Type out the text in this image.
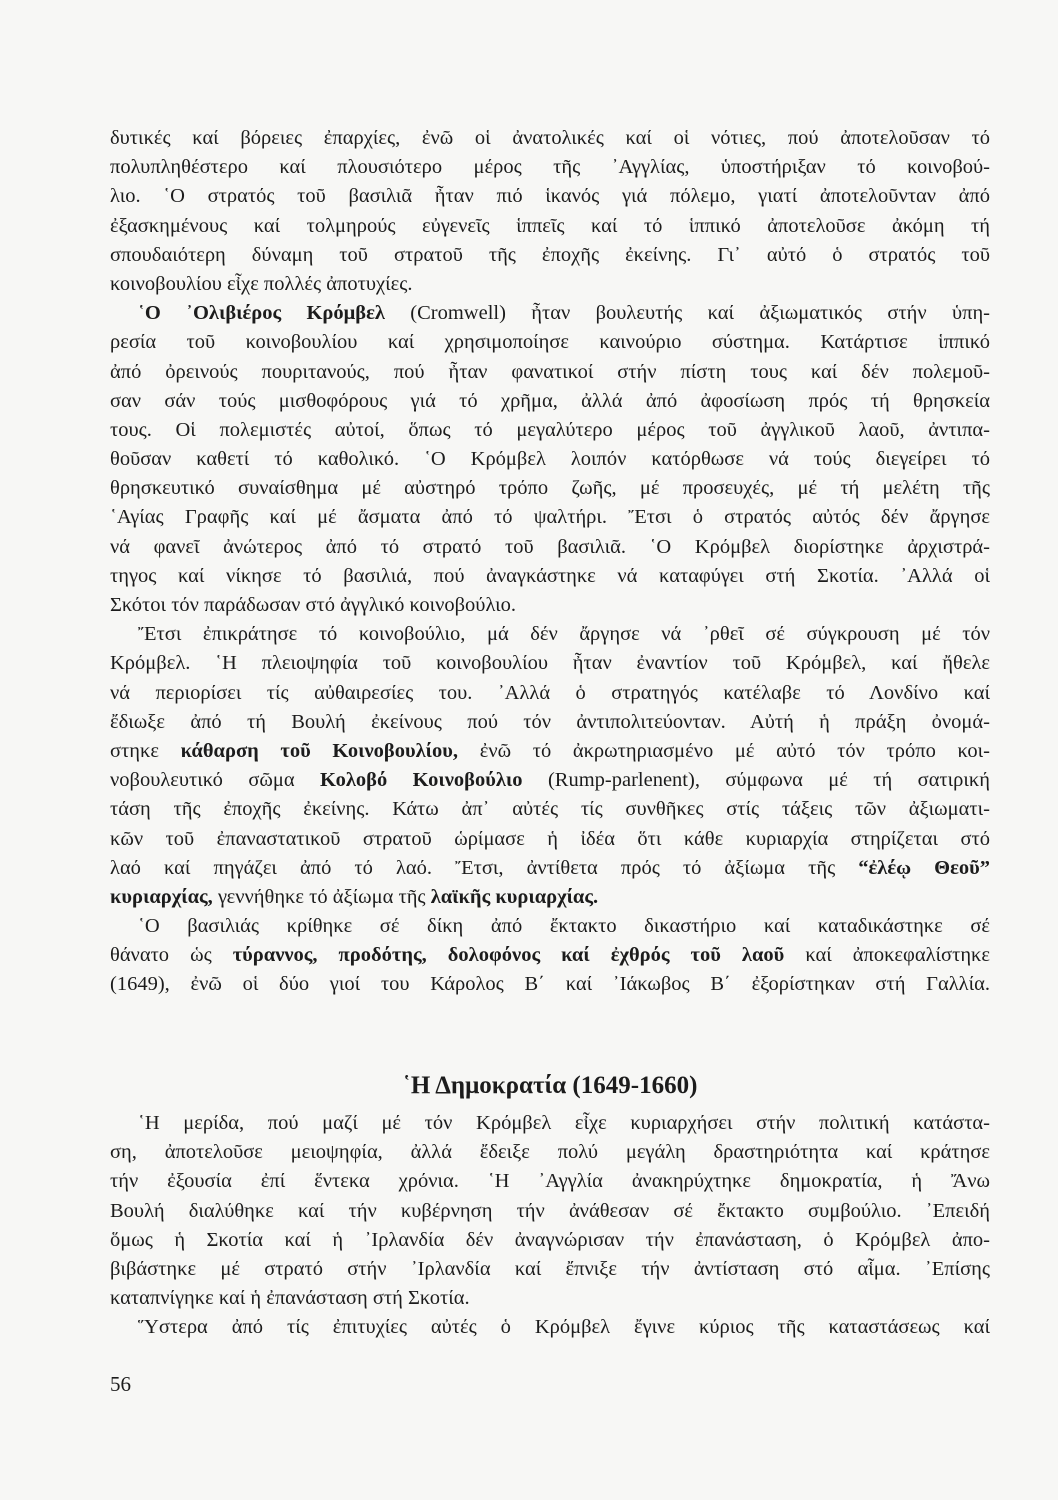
δυτικές καί βόρειες ἐπαρχίες, ἐνῶ οἱ ἀνατολικές καί οἱ νότιες, πού ἀποτελοῦσαν τό
πολυπληθέστερο καί πλουσιότερο μέρος τῆς ᾿Αγγλίας, ὑποστήριξαν τό κοινοβού-
λιο. ῾Ο στρατός τοῦ βασιλιᾶ ἦταν πιό ἱκανός γιά πόλεμο, γιατί ἀποτελοῦνταν ἀπό
ἐξασκημένους καί τολμηρούς εὐγενεῖς ἱππεῖς καί τό ἱππικό ἀποτελοῦσε ἀκόμη τή
σπουδαιότερη δύναμη τοῦ στρατοῦ τῆς ἐποχῆς ἐκείνης. Γι᾿ αὐτό ὁ στρατός τοῦ
κοινοβουλίου εἶχε πολλές ἀποτυχίες.
῾Ο ᾿Ολιβιέρος Κρόμβελ (Cromwell) ἦταν βουλευτής καί ἀξιωματικός στήν ὑπη-
ρεσία τοῦ κοινοβουλίου καί χρησιμοποίησε καινούριο σύστημα. Κατάρτισε ἱππικό
ἀπό ὀρεινούς πουριτανούς, πού ἦταν φανατικοί στήν πίστη τους καί δέν πολεμοῦ-
σαν σάν τούς μισθοφόρους γιά τό χρῆμα, ἀλλά ἀπό ἀφοσίωση πρός τή θρησκεία
τους. Οἱ πολεμιστές αὐτοί, ὅπως τό μεγαλύτερο μέρος τοῦ ἀγγλικοῦ λαοῦ, ἀντιπα-
θοῦσαν καθετί τό καθολικό. ῾Ο Κρόμβελ λοιπόν κατόρθωσε νά τούς διεγείρει τό
θρησκευτικό συναίσθημα μέ αὐστηρό τρόπο ζωῆς, μέ προσευχές, μέ τή μελέτη τῆς
῾Αγίας Γραφῆς καί μέ ἄσματα ἀπό τό ψαλτήρι. Ἔτσι ὁ στρατός αὐτός δέν ἄργησε
νά φανεῖ ἀνώτερος ἀπό τό στρατό τοῦ βασιλιᾶ. ῾Ο Κρόμβελ διορίστηκε ἀρχιστρά-
τηγος καί νίκησε τό βασιλιά, πού ἀναγκάστηκε νά καταφύγει στή Σκοτία. ᾿Αλλά οἱ
Σκότοι τόν παράδωσαν στό ἀγγλικό κοινοβούλιο.
Ἔτσι ἐπικράτησε τό κοινοβούλιο, μά δέν ἄργησε νά ᾿ρθεῖ σέ σύγκρουση μέ τόν
Κρόμβελ. ῾Η πλειοψηφία τοῦ κοινοβουλίου ἦταν ἐναντίον τοῦ Κρόμβελ, καί ἤθελε
νά περιορίσει τίς αὐθαιρεσίες του. ᾿Αλλά ὁ στρατηγός κατέλαβε τό Λονδίνο καί
ἔδιωξε ἀπό τή Βουλή ἐκείνους πού τόν ἀντιπολιτεύονταν. Αὐτή ἡ πράξη ὀνομά-
στηκε κάθαρση τοῦ Κοινοβουλίου, ἐνῶ τό ἀκρωτηριασμένο μέ αὐτό τόν τρόπο κοι-
νοβουλευτικό σῶμα Κολοβό Κοινοβούλιο (Rump-parlenent), σύμφωνα μέ τή σατιρική
τάση τῆς ἐποχῆς ἐκείνης. Κάτω ἀπ᾿ αὐτές τίς συνθῆκες στίς τάξεις τῶν ἀξιωματι-
κῶν τοῦ ἐπαναστατικοῦ στρατοῦ ὡρίμασε ἡ ἰδέα ὅτι κάθε κυριαρχία στηρίζεται στό
λαό καί πηγάζει ἀπό τό λαό. Ἔτσι, ἀντίθετα πρός τό ἀξίωμα τῆς “ἐλέῳ Θεοῦ”
κυριαρχίας, γεννήθηκε τό ἀξίωμα τῆς λαϊκῆς κυριαρχίας.
῾Ο βασιλιάς κρίθηκε σέ δίκη ἀπό ἔκτακτο δικαστήριο καί καταδικάστηκε σέ
θάνατο ὡς τύραννος, προδότης, δολοφόνος καί ἐχθρός τοῦ λαοῦ καί ἀποκεφαλίστηκε
(1649), ἐνῶ οἱ δύο γιοί του Κάρολος Β΄ καί ᾿Ιάκωβος Β΄ ἐξορίστηκαν στή Γαλλία.
῾Η Δημοκρατία (1649-1660)
῾Η μερίδα, πού μαζί μέ τόν Κρόμβελ εἶχε κυριαρχήσει στήν πολιτική κατάστα-
ση, ἀποτελοῦσε μειοψηφία, ἀλλά ἔδειξε πολύ μεγάλη δραστηριότητα καί κράτησε
τήν ἐξουσία ἐπί ἕντεκα χρόνια. ῾Η ᾿Αγγλία ἀνακηρύχτηκε δημοκρατία, ἡ Ἄνω
Βουλή διαλύθηκε καί τήν κυβέρνηση τήν ἀνάθεσαν σέ ἔκτακτο συμβούλιο. ᾿Επειδή
ὅμως ἡ Σκοτία καί ἡ ᾿Ιρλανδία δέν ἀναγνώρισαν τήν ἐπανάσταση, ὁ Κρόμβελ ἀπο-
βιβάστηκε μέ στρατό στήν ᾿Ιρλανδία καί ἔπνιξε τήν ἀντίσταση στό αἷμα. ᾿Επίσης
καταπνίγηκε καί ἡ ἐπανάσταση στή Σκοτία.
Ὕστερα ἀπό τίς ἐπιτυχίες αὐτές ὁ Κρόμβελ ἔγινε κύριος τῆς καταστάσεως καί
56
